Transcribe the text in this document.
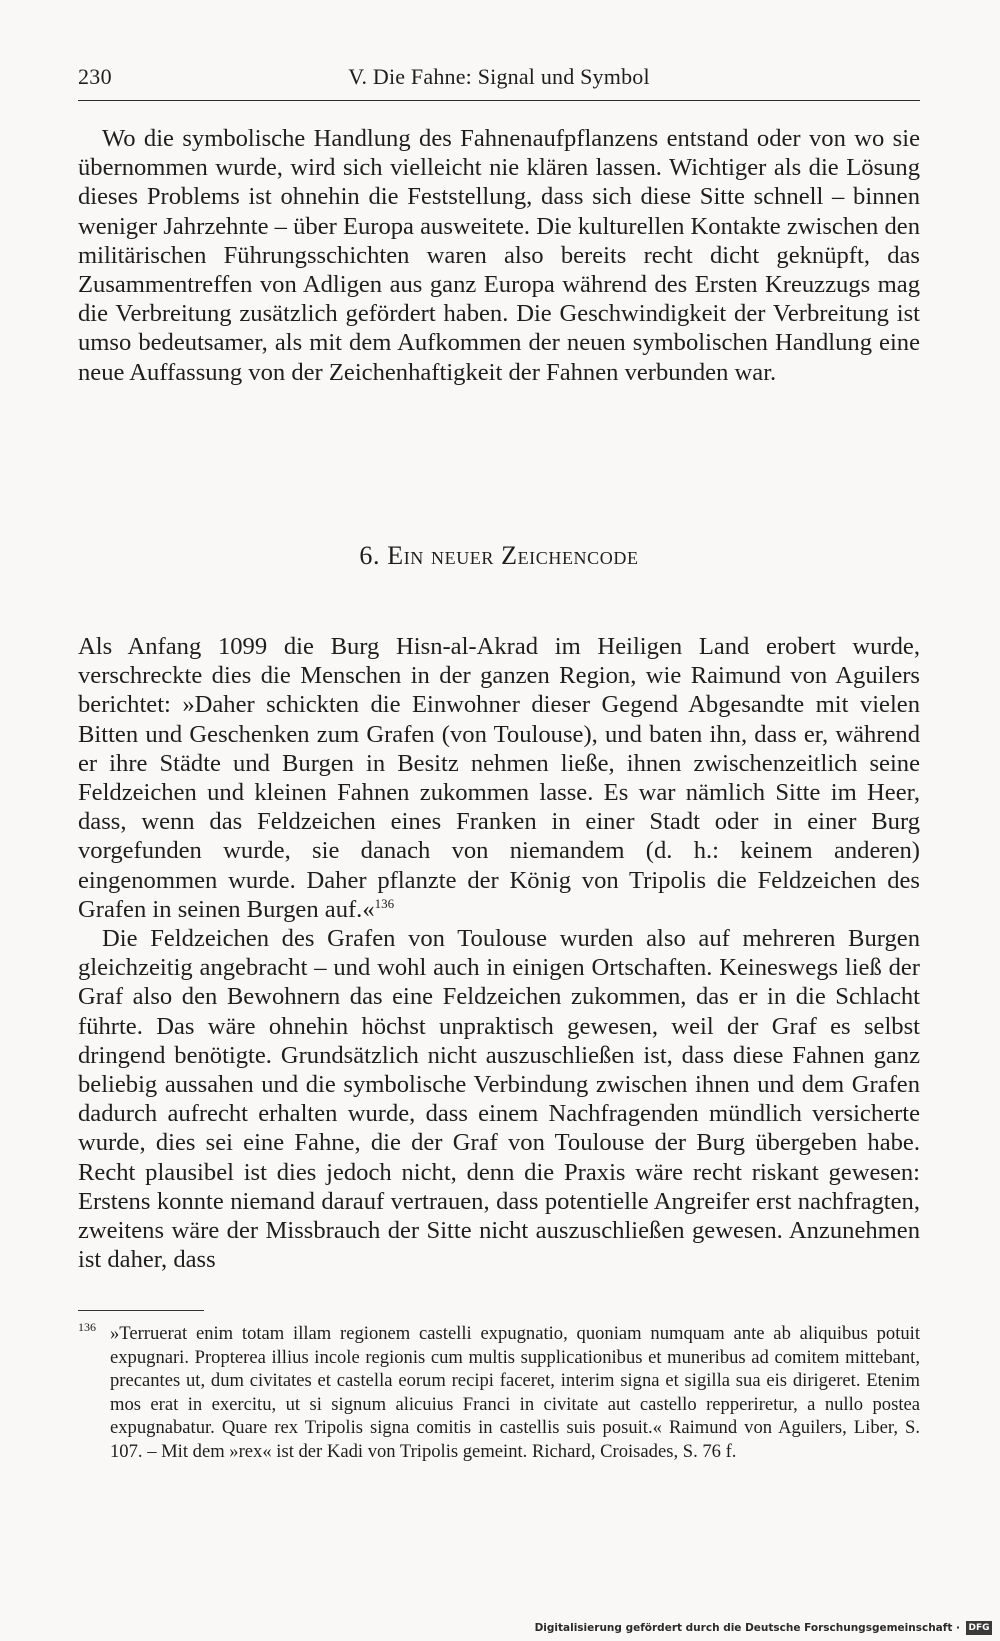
230	V. Die Fahne: Signal und Symbol

Wo die symbolische Handlung des Fahnenaufpflanzens entstand oder von wo sie übernommen wurde, wird sich vielleicht nie klären lassen. Wichtiger als die Lösung dieses Problems ist ohnehin die Feststellung, dass sich diese Sitte schnell – binnen weniger Jahrzehnte – über Europa ausweitete. Die kulturellen Kontakte zwischen den militärischen Führungsschichten waren also bereits recht dicht geknüpft, das Zusammentreffen von Adligen aus ganz Europa während des Ersten Kreuzzugs mag die Verbreitung zusätzlich gefördert haben. Die Geschwindigkeit der Verbreitung ist umso bedeutsamer, als mit dem Aufkommen der neuen symbolischen Handlung eine neue Auffassung von der Zeichenhaftigkeit der Fahnen verbunden war.

6. Ein neuer Zeichencode

Als Anfang 1099 die Burg Hisn-al-Akrad im Heiligen Land erobert wurde, verschreckte dies die Menschen in der ganzen Region, wie Raimund von Aguilers berichtet: »Daher schickten die Einwohner dieser Gegend Abgesandte mit vielen Bitten und Geschenken zum Grafen (von Toulouse), und baten ihn, dass er, während er ihre Städte und Burgen in Besitz nehmen ließe, ihnen zwischenzeitlich seine Feldzeichen und kleinen Fahnen zukommen lasse. Es war nämlich Sitte im Heer, dass, wenn das Feldzeichen eines Franken in einer Stadt oder in einer Burg vorgefunden wurde, sie danach von niemandem (d. h.: keinem anderen) eingenommen wurde. Daher pflanzte der König von Tripolis die Feldzeichen des Grafen in seinen Burgen auf.«$^{136}$

Die Feldzeichen des Grafen von Toulouse wurden also auf mehreren Burgen gleichzeitig angebracht – und wohl auch in einigen Ortschaften. Keineswegs ließ der Graf also den Bewohnern das eine Feldzeichen zukommen, das er in die Schlacht führte. Das wäre ohnehin höchst unpraktisch gewesen, weil der Graf es selbst dringend benötigte. Grundsätzlich nicht auszuschließen ist, dass diese Fahnen ganz beliebig aussahen und die symbolische Verbindung zwischen ihnen und dem Grafen dadurch aufrecht erhalten wurde, dass einem Nachfragenden mündlich versicherte wurde, dies sei eine Fahne, die der Graf von Toulouse der Burg übergeben habe. Recht plausibel ist dies jedoch nicht, denn die Praxis wäre recht riskant gewesen: Erstens konnte niemand darauf vertrauen, dass potentielle Angreifer erst nachfragten, zweitens wäre der Missbrauch der Sitte nicht auszuschließen gewesen. Anzunehmen ist daher, dass

136 »Terruerat enim totam illam regionem castelli expugnatio, quoniam numquam ante ab aliquibus potuit expugnari. Propterea illius incole regionis cum multis supplicationibus et muneribus ad comitem mittebant, precantes ut, dum civitates et castella eorum recipi faceret, interim signa et sigilla sua eis dirigeret. Etenim mos erat in exercitu, ut si signum alicuius Franci in civitate aut castello repperiretur, a nullo postea expugnabatur. Quare rex Tripolis signa comitis in castellis suis posuit.« Raimund von Aguilers, Liber, S. 107. – Mit dem »rex« ist der Kadi von Tripolis gemeint. Richard, Croisades, S. 76 f.

Digitalisierung gefördert durch die Deutsche Forschungsgemeinschaft · DFG
